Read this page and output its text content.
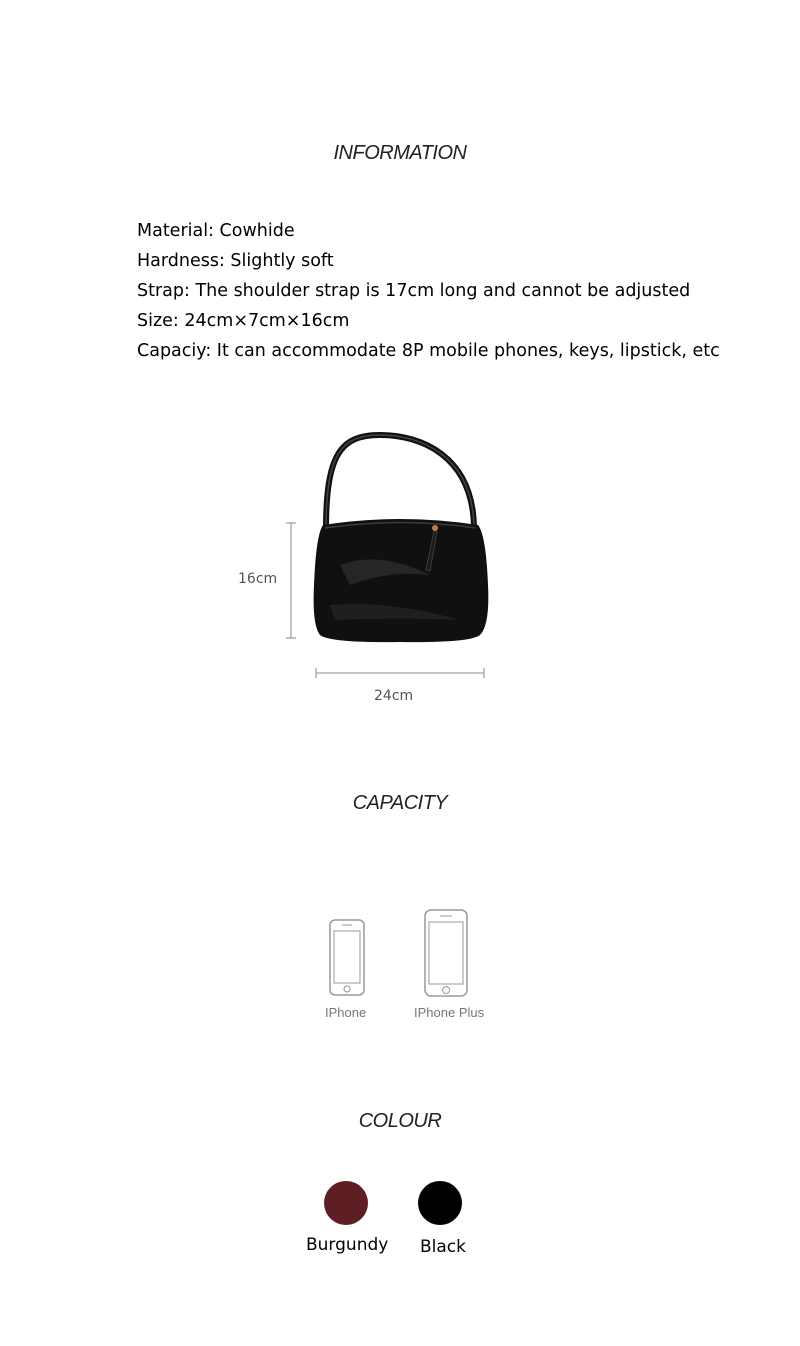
INFORMATION
Material: Cowhide
Hardness: Slightly soft
Strap: The shoulder strap is 17cm long and cannot be adjusted
Size: 24cm×7cm×16cm
Capaciy: It can accommodate 8P mobile phones, keys, lipstick, etc
16cm
24cm
CAPACITY
IPhone	IPhone Plus
COLOUR
Burgundy Black
